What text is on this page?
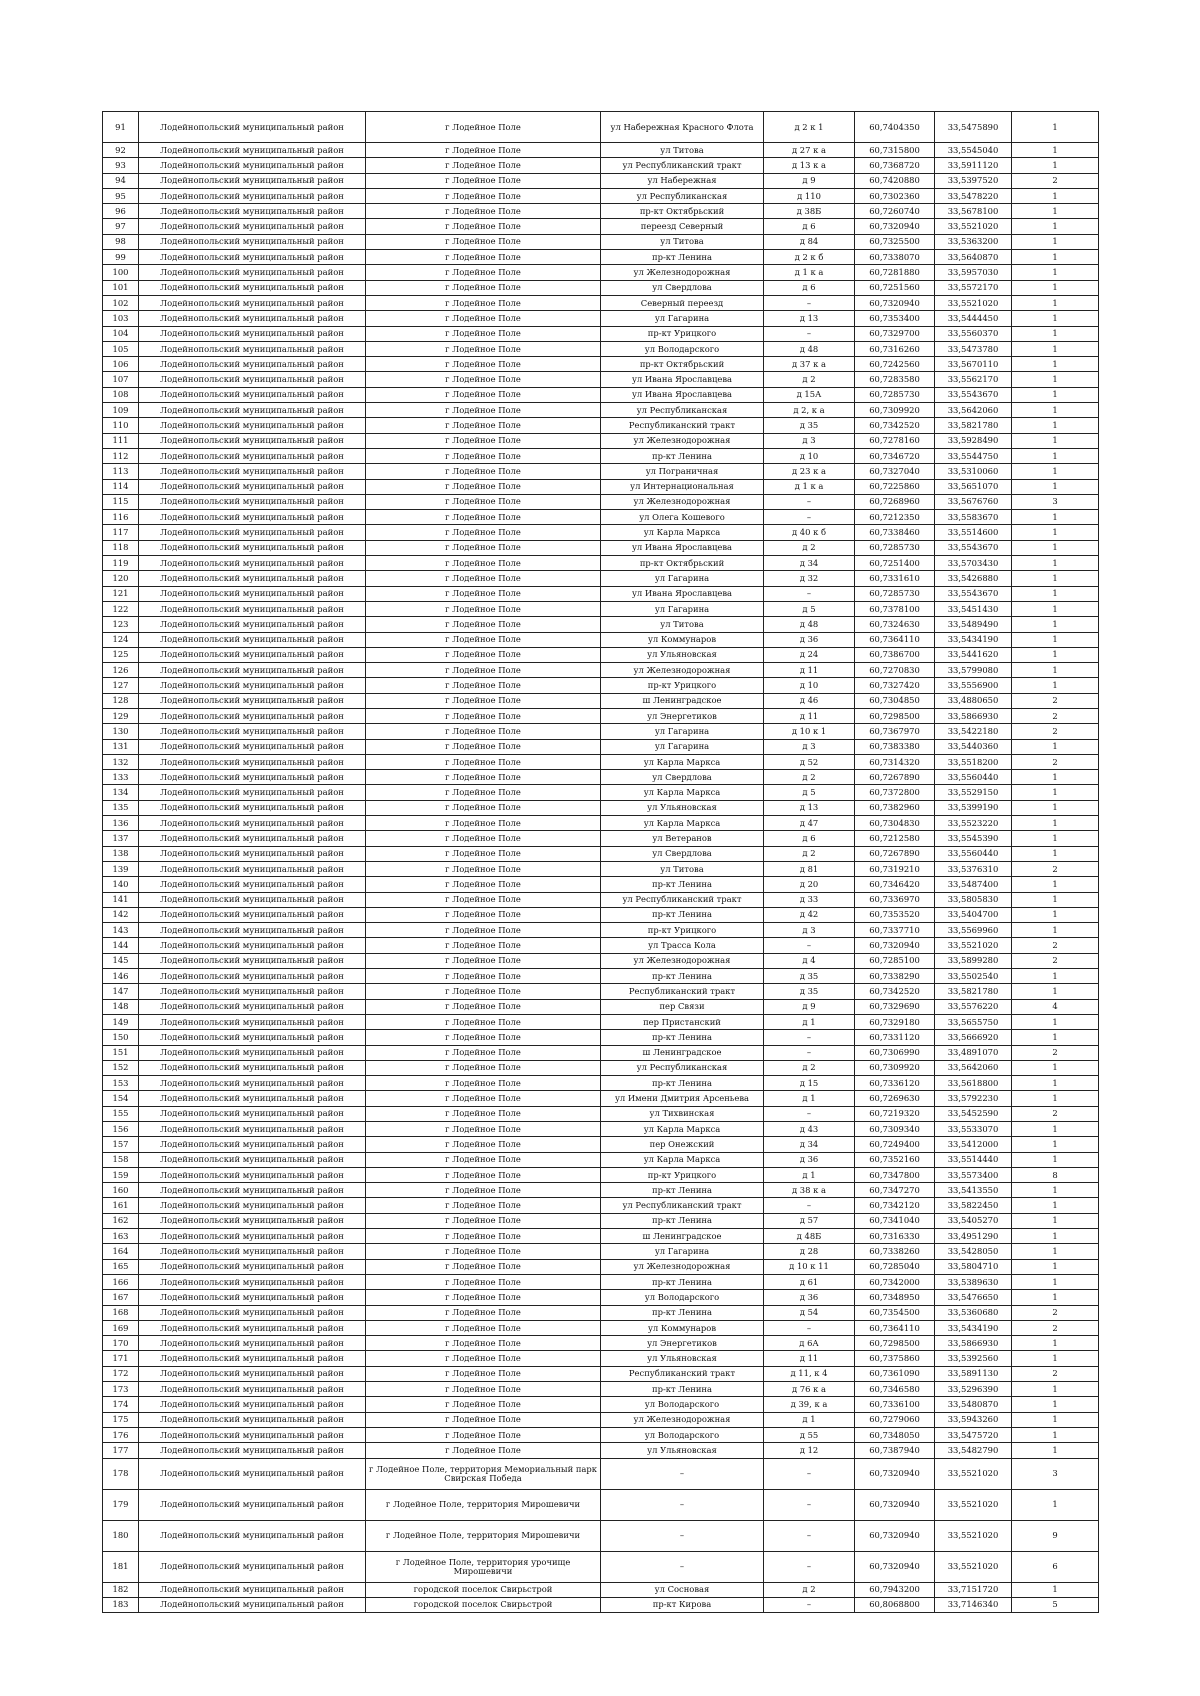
91	Лодейнопольский муниципальный район	г Лодейное Поле	ул Набережная Красного Флота	д 2 к 1	60,7404350	33,5475890	1
92	Лодейнопольский муниципальный район	г Лодейное Поле	ул Титова	д 27 к а	60,7315800	33,5545040	1
93	Лодейнопольский муниципальный район	г Лодейное Поле	ул Республиканский тракт	д 13 к а	60,7368720	33,5911120	1
94	Лодейнопольский муниципальный район	г Лодейное Поле	ул Набережная	д 9	60,7420880	33,5397520	2
95	Лодейнопольский муниципальный район	г Лодейное Поле	ул Республиканская	д 110	60,7302360	33,5478220	1
96	Лодейнопольский муниципальный район	г Лодейное Поле	пр-кт Октябрьский	д 38Б	60,7260740	33,5678100	1
97	Лодейнопольский муниципальный район	г Лодейное Поле	переезд Северный	д 6	60,7320940	33,5521020	1
98	Лодейнопольский муниципальный район	г Лодейное Поле	ул Титова	д 84	60,7325500	33,5363200	1
99	Лодейнопольский муниципальный район	г Лодейное Поле	пр-кт Ленина	д 2 к б	60,7338070	33,5640870	1
100	Лодейнопольский муниципальный район	г Лодейное Поле	ул Железнодорожная	д 1 к а	60,7281880	33,5957030	1
101	Лодейнопольский муниципальный район	г Лодейное Поле	ул Свердлова	д 6	60,7251560	33,5572170	1
102	Лодейнопольский муниципальный район	г Лодейное Поле	Северный переезд	–	60,7320940	33,5521020	1
103	Лодейнопольский муниципальный район	г Лодейное Поле	ул Гагарина	д 13	60,7353400	33,5444450	1
104	Лодейнопольский муниципальный район	г Лодейное Поле	пр-кт Урицкого	–	60,7329700	33,5560370	1
105	Лодейнопольский муниципальный район	г Лодейное Поле	ул Володарского	д 48	60,7316260	33,5473780	1
106	Лодейнопольский муниципальный район	г Лодейное Поле	пр-кт Октябрьский	д 37 к а	60,7242560	33,5670110	1
107	Лодейнопольский муниципальный район	г Лодейное Поле	ул Ивана Ярославцева	д 2	60,7283580	33,5562170	1
108	Лодейнопольский муниципальный район	г Лодейное Поле	ул Ивана Ярославцева	д 15А	60,7285730	33,5543670	1
109	Лодейнопольский муниципальный район	г Лодейное Поле	ул Республиканская	д 2, к а	60,7309920	33,5642060	1
110	Лодейнопольский муниципальный район	г Лодейное Поле	Республиканский тракт	д 35	60,7342520	33,5821780	1
111	Лодейнопольский муниципальный район	г Лодейное Поле	ул Железнодорожная	д 3	60,7278160	33,5928490	1
112	Лодейнопольский муниципальный район	г Лодейное Поле	пр-кт Ленина	д 10	60,7346720	33,5544750	1
113	Лодейнопольский муниципальный район	г Лодейное Поле	ул Пограничная	д 23 к а	60,7327040	33,5310060	1
114	Лодейнопольский муниципальный район	г Лодейное Поле	ул Интернациональная	д 1 к а	60,7225860	33,5651070	1
115	Лодейнопольский муниципальный район	г Лодейное Поле	ул Железнодорожная	–	60,7268960	33,5676760	3
116	Лодейнопольский муниципальный район	г Лодейное Поле	ул Олега Кошевого	–	60,7212350	33,5583670	1
117	Лодейнопольский муниципальный район	г Лодейное Поле	ул Карла Маркса	д 40 к б	60,7338460	33,5514600	1
118	Лодейнопольский муниципальный район	г Лодейное Поле	ул Ивана Ярославцева	д 2	60,7285730	33,5543670	1
119	Лодейнопольский муниципальный район	г Лодейное Поле	пр-кт Октябрьский	д 34	60,7251400	33,5703430	1
120	Лодейнопольский муниципальный район	г Лодейное Поле	ул Гагарина	д 32	60,7331610	33,5426880	1
121	Лодейнопольский муниципальный район	г Лодейное Поле	ул Ивана Ярославцева	–	60,7285730	33,5543670	1
122	Лодейнопольский муниципальный район	г Лодейное Поле	ул Гагарина	д 5	60,7378100	33,5451430	1
123	Лодейнопольский муниципальный район	г Лодейное Поле	ул Титова	д 48	60,7324630	33,5489490	1
124	Лодейнопольский муниципальный район	г Лодейное Поле	ул Коммунаров	д 36	60,7364110	33,5434190	1
125	Лодейнопольский муниципальный район	г Лодейное Поле	ул Ульяновская	д 24	60,7386700	33,5441620	1
126	Лодейнопольский муниципальный район	г Лодейное Поле	ул Железнодорожная	д 11	60,7270830	33,5799080	1
127	Лодейнопольский муниципальный район	г Лодейное Поле	пр-кт Урицкого	д 10	60,7327420	33,5556900	1
128	Лодейнопольский муниципальный район	г Лодейное Поле	ш Ленинградское	д 46	60,7304850	33,4880650	2
129	Лодейнопольский муниципальный район	г Лодейное Поле	ул Энергетиков	д 11	60,7298500	33,5866930	2
130	Лодейнопольский муниципальный район	г Лодейное Поле	ул Гагарина	д 10 к 1	60,7367970	33,5422180	2
131	Лодейнопольский муниципальный район	г Лодейное Поле	ул Гагарина	д 3	60,7383380	33,5440360	1
132	Лодейнопольский муниципальный район	г Лодейное Поле	ул Карла Маркса	д 52	60,7314320	33,5518200	2
133	Лодейнопольский муниципальный район	г Лодейное Поле	ул Свердлова	д 2	60,7267890	33,5560440	1
134	Лодейнопольский муниципальный район	г Лодейное Поле	ул Карла Маркса	д 5	60,7372800	33,5529150	1
135	Лодейнопольский муниципальный район	г Лодейное Поле	ул Ульяновская	д 13	60,7382960	33,5399190	1
136	Лодейнопольский муниципальный район	г Лодейное Поле	ул Карла Маркса	д 47	60,7304830	33,5523220	1
137	Лодейнопольский муниципальный район	г Лодейное Поле	ул Ветеранов	д 6	60,7212580	33,5545390	1
138	Лодейнопольский муниципальный район	г Лодейное Поле	ул Свердлова	д 2	60,7267890	33,5560440	1
139	Лодейнопольский муниципальный район	г Лодейное Поле	ул Титова	д 81	60,7319210	33,5376310	2
140	Лодейнопольский муниципальный район	г Лодейное Поле	пр-кт Ленина	д 20	60,7346420	33,5487400	1
141	Лодейнопольский муниципальный район	г Лодейное Поле	ул Республиканский тракт	д 33	60,7336970	33,5805830	1
142	Лодейнопольский муниципальный район	г Лодейное Поле	пр-кт Ленина	д 42	60,7353520	33,5404700	1
143	Лодейнопольский муниципальный район	г Лодейное Поле	пр-кт Урицкого	д 3	60,7337710	33,5569960	1
144	Лодейнопольский муниципальный район	г Лодейное Поле	ул Трасса Кола	–	60,7320940	33,5521020	2
145	Лодейнопольский муниципальный район	г Лодейное Поле	ул Железнодорожная	д 4	60,7285100	33,5899280	2
146	Лодейнопольский муниципальный район	г Лодейное Поле	пр-кт Ленина	д 35	60,7338290	33,5502540	1
147	Лодейнопольский муниципальный район	г Лодейное Поле	Республиканский тракт	д 35	60,7342520	33,5821780	1
148	Лодейнопольский муниципальный район	г Лодейное Поле	пер Связи	д 9	60,7329690	33,5576220	4
149	Лодейнопольский муниципальный район	г Лодейное Поле	пер Пристанский	д 1	60,7329180	33,5655750	1
150	Лодейнопольский муниципальный район	г Лодейное Поле	пр-кт Ленина	–	60,7331120	33,5666920	1
151	Лодейнопольский муниципальный район	г Лодейное Поле	ш Ленинградское	–	60,7306990	33,4891070	2
152	Лодейнопольский муниципальный район	г Лодейное Поле	ул Республиканская	д 2	60,7309920	33,5642060	1
153	Лодейнопольский муниципальный район	г Лодейное Поле	пр-кт Ленина	д 15	60,7336120	33,5618800	1
154	Лодейнопольский муниципальный район	г Лодейное Поле	ул Имени Дмитрия Арсеньева	д 1	60,7269630	33,5792230	1
155	Лодейнопольский муниципальный район	г Лодейное Поле	ул Тихвинская	–	60,7219320	33,5452590	2
156	Лодейнопольский муниципальный район	г Лодейное Поле	ул Карла Маркса	д 43	60,7309340	33,5533070	1
157	Лодейнопольский муниципальный район	г Лодейное Поле	пер Онежский	д 34	60,7249400	33,5412000	1
158	Лодейнопольский муниципальный район	г Лодейное Поле	ул Карла Маркса	д 36	60,7352160	33,5514440	1
159	Лодейнопольский муниципальный район	г Лодейное Поле	пр-кт Урицкого	д 1	60,7347800	33,5573400	8
160	Лодейнопольский муниципальный район	г Лодейное Поле	пр-кт Ленина	д 38 к а	60,7347270	33,5413550	1
161	Лодейнопольский муниципальный район	г Лодейное Поле	ул Республиканский тракт	–	60,7342120	33,5822450	1
162	Лодейнопольский муниципальный район	г Лодейное Поле	пр-кт Ленина	д 57	60,7341040	33,5405270	1
163	Лодейнопольский муниципальный район	г Лодейное Поле	ш Ленинградское	д 48Б	60,7316330	33,4951290	1
164	Лодейнопольский муниципальный район	г Лодейное Поле	ул Гагарина	д 28	60,7338260	33,5428050	1
165	Лодейнопольский муниципальный район	г Лодейное Поле	ул Железнодорожная	д 10 к 11	60,7285040	33,5804710	1
166	Лодейнопольский муниципальный район	г Лодейное Поле	пр-кт Ленина	д 61	60,7342000	33,5389630	1
167	Лодейнопольский муниципальный район	г Лодейное Поле	ул Володарского	д 36	60,7348950	33,5476650	1
168	Лодейнопольский муниципальный район	г Лодейное Поле	пр-кт Ленина	д 54	60,7354500	33,5360680	2
169	Лодейнопольский муниципальный район	г Лодейное Поле	ул Коммунаров	–	60,7364110	33,5434190	2
170	Лодейнопольский муниципальный район	г Лодейное Поле	ул Энергетиков	д 6А	60,7298500	33,5866930	1
171	Лодейнопольский муниципальный район	г Лодейное Поле	ул Ульяновская	д 11	60,7375860	33,5392560	1
172	Лодейнопольский муниципальный район	г Лодейное Поле	Республиканский тракт	д 11, к 4	60,7361090	33,5891130	2
173	Лодейнопольский муниципальный район	г Лодейное Поле	пр-кт Ленина	д 76 к а	60,7346580	33,5296390	1
174	Лодейнопольский муниципальный район	г Лодейное Поле	ул Володарского	д 39, к а	60,7336100	33,5480870	1
175	Лодейнопольский муниципальный район	г Лодейное Поле	ул Железнодорожная	д 1	60,7279060	33,5943260	1
176	Лодейнопольский муниципальный район	г Лодейное Поле	ул Володарского	д 55	60,7348050	33,5475720	1
177	Лодейнопольский муниципальный район	г Лодейное Поле	ул Ульяновская	д 12	60,7387940	33,5482790	1
178	Лодейнопольский муниципальный район	г Лодейное Поле, территория Мемориальный парк Свирская Победа	–	–	60,7320940	33,5521020	3
179	Лодейнопольский муниципальный район	г Лодейное Поле, территория Мирошевичи	–	–	60,7320940	33,5521020	1
180	Лодейнопольский муниципальный район	г Лодейное Поле, территория Мирошевичи	–	–	60,7320940	33,5521020	9
181	Лодейнопольский муниципальный район	г Лодейное Поле, территория урочище Мирошевичи	–	–	60,7320940	33,5521020	6
182	Лодейнопольский муниципальный район	городской поселок Свирьстрой	ул Сосновая	д 2	60,7943200	33,7151720	1
183	Лодейнопольский муниципальный район	городской поселок Свирьстрой	пр-кт Кирова	–	60,8068800	33,7146340	5
